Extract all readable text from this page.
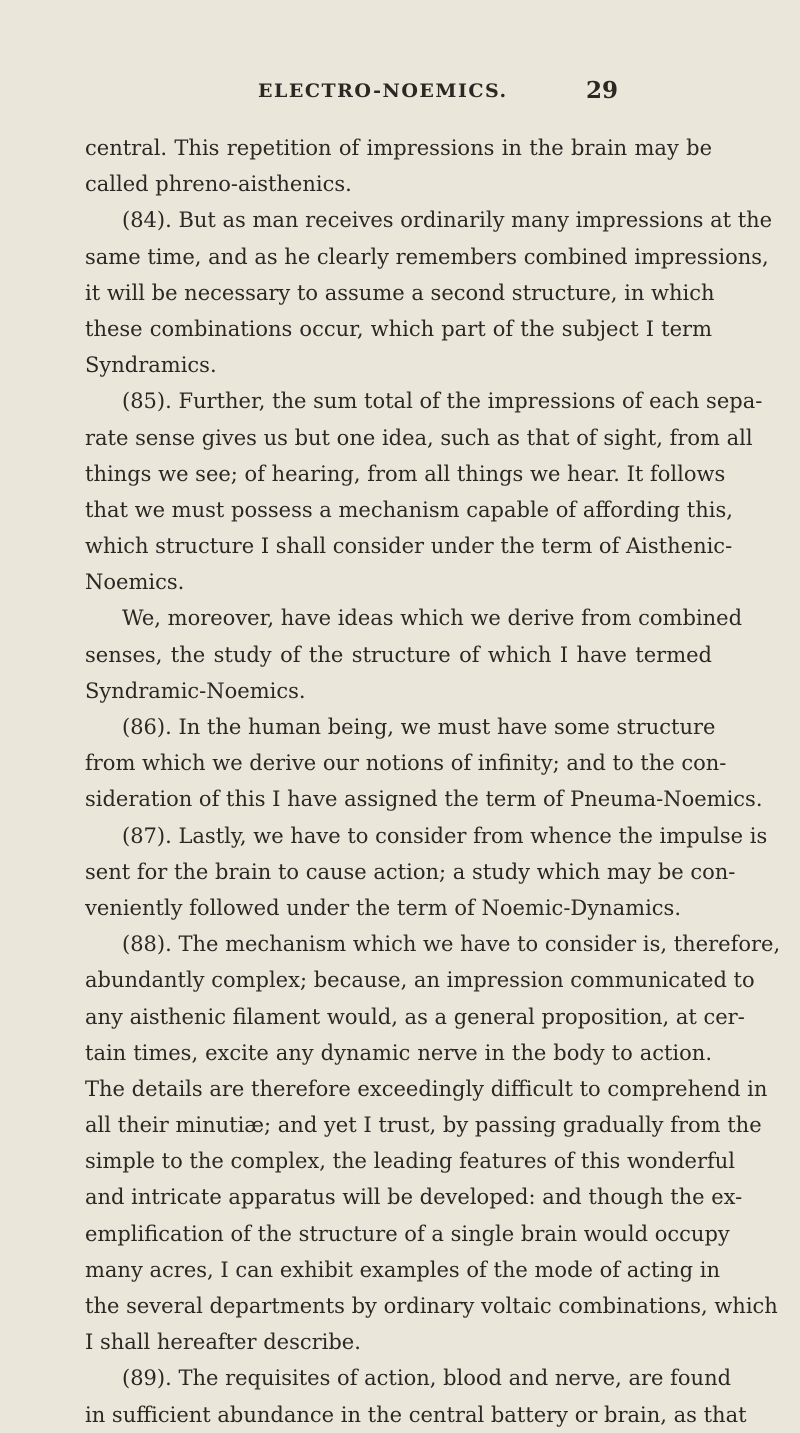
ELECTRO-NOEMICS.	29
central. This repetition of impressions in the brain may be
called phreno-aisthenics.
(84). But as man receives ordinarily many impressions at the
same time, and as he clearly remembers combined impressions,
it will be necessary to assume a second structure, in which
these combinations occur, which part of the subject I term
Syndramics.
(85). Further, the sum total of the impressions of each sepa-
rate sense gives us but one idea, such as that of sight, from all
things we see; of hearing, from all things we hear. It follows
that we must possess a mechanism capable of affording this,
which structure I shall consider under the term of Aisthenic-
Noemics.
We, moreover, have ideas which we derive from combined
senses, the study of the structure of which I have termed
Syndramic-Noemics.
(86). In the human being, we must have some structure
from which we derive our notions of infinity; and to the con-
sideration of this I have assigned the term of Pneuma-Noemics.
(87). Lastly, we have to consider from whence the impulse is
sent for the brain to cause action; a study which may be con-
veniently followed under the term of Noemic-Dynamics.
(88). The mechanism which we have to consider is, therefore,
abundantly complex; because, an impression communicated to
any aisthenic filament would, as a general proposition, at cer-
tain times, excite any dynamic nerve in the body to action.
The details are therefore exceedingly difficult to comprehend in
all their minutiæ; and yet I trust, by passing gradually from the
simple to the complex, the leading features of this wonderful
and intricate apparatus will be developed: and though the ex-
emplification of the structure of a single brain would occupy
many acres, I can exhibit examples of the mode of acting in
the several departments by ordinary voltaic combinations, which
I shall hereafter describe.
(89). The requisites of action, blood and nerve, are found
in sufficient abundance in the central battery or brain, as that
